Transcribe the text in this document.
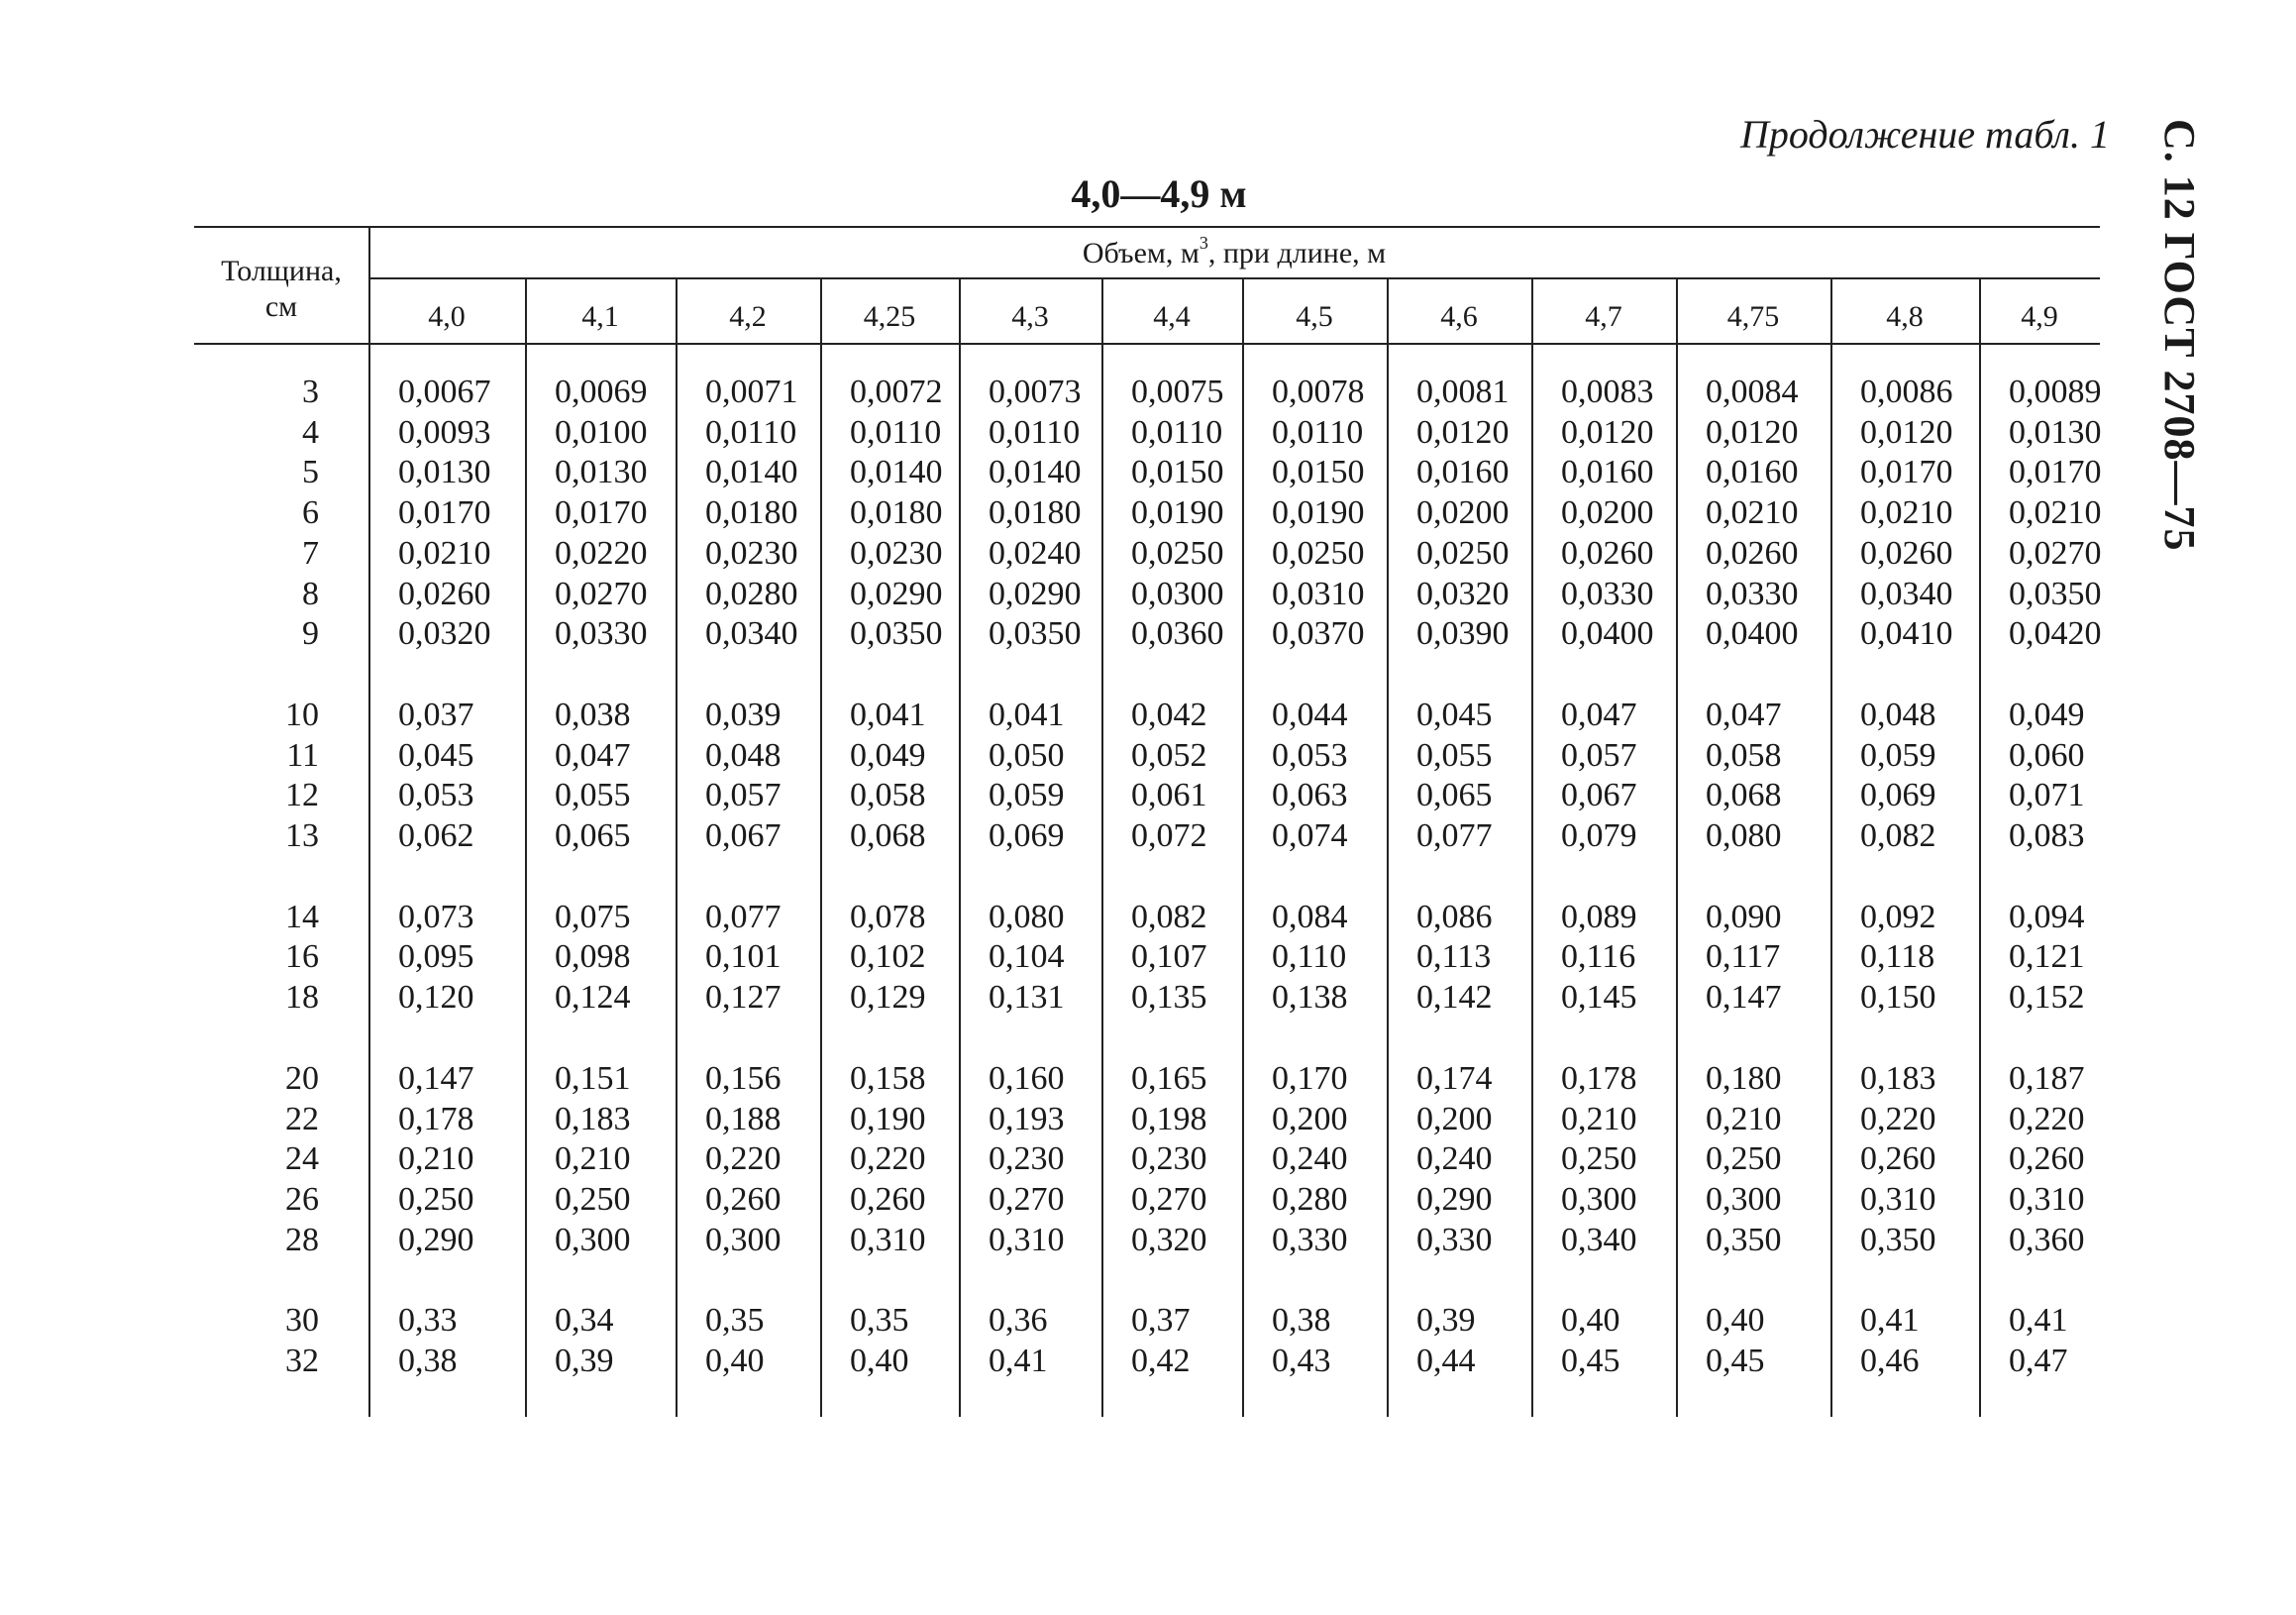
Продолжение табл. 1 С. 12 ГОСТ 2708—75
4,0—4,9 м
Толщина,
см
Объем, $м^3$, при длине, м
4,0	4,1	4,2	4,25	4,3	4,4	4,5	4,6	4,7	4,75	4,8	4,9
3 0,0067 0,0069 0,0071 0,0072 0,0073 0,0075 0,0078 0,0081 0,0083 0,0084 0,0086 0,0089
4 0,0093 0,0100 0,0110 0,0110 0,0110 0,0110 0,0110 0,0120 0,0120 0,0120 0,0120 0,0130
5 0,0130 0,0130 0,0140 0,0140 0,0140 0,0150 0,0150 0,0160 0,0160 0,0160 0,0170 0,0170
6 0,0170 0,0170 0,0180 0,0180 0,0180 0,0190 0,0190 0,0200 0,0200 0,0210 0,0210 0,0210
7 0,0210 0,0220 0,0230 0,0230 0,0240 0,0250 0,0250 0,0250 0,0260 0,0260 0,0260 0,0270
8 0,0260 0,0270 0,0280 0,0290 0,0290 0,0300 0,0310 0,0320 0,0330 0,0330 0,0340 0,0350
9 0,0320 0,0330 0,0340 0,0350 0,0350 0,0360 0,0370 0,0390 0,0400 0,0400 0,0410 0,0420
10 0,037 0,038 0,039 0,041 0,041 0,042 0,044 0,045 0,047 0,047 0,048 0,049
11 0,045 0,047 0,048 0,049 0,050 0,052 0,053 0,055 0,057 0,058 0,059 0,060
12 0,053 0,055 0,057 0,058 0,059 0,061 0,063 0,065 0,067 0,068 0,069 0,071
13 0,062 0,065 0,067 0,068 0,069 0,072 0,074 0,077 0,079 0,080 0,082 0,083
14 0,073 0,075 0,077 0,078 0,080 0,082 0,084 0,086 0,089 0,090 0,092 0,094
16 0,095 0,098 0,101 0,102 0,104 0,107 0,110 0,113 0,116 0,117 0,118 0,121
18 0,120 0,124 0,127 0,129 0,131 0,135 0,138 0,142 0,145 0,147 0,150 0,152
20 0,147 0,151 0,156 0,158 0,160 0,165 0,170 0,174 0,178 0,180 0,183 0,187
22 0,178 0,183 0,188 0,190 0,193 0,198 0,200 0,200 0,210 0,210 0,220 0,220
24 0,210 0,210 0,220 0,220 0,230 0,230 0,240 0,240 0,250 0,250 0,260 0,260
26 0,250 0,250 0,260 0,260 0,270 0,270 0,280 0,290 0,300 0,300 0,310 0,310
28 0,290 0,300 0,300 0,310 0,310 0,320 0,330 0,330 0,340 0,350 0,350 0,360
30 0,33	0,34	0,35	0,35 0,36 0,37 0,38	0,39	0,40	0,40	0,41	0,41
32 0,38	0,39	0,40	0,40 0,41 0,42 0,43	0,44	0,45	0,45	0,46	0,47
